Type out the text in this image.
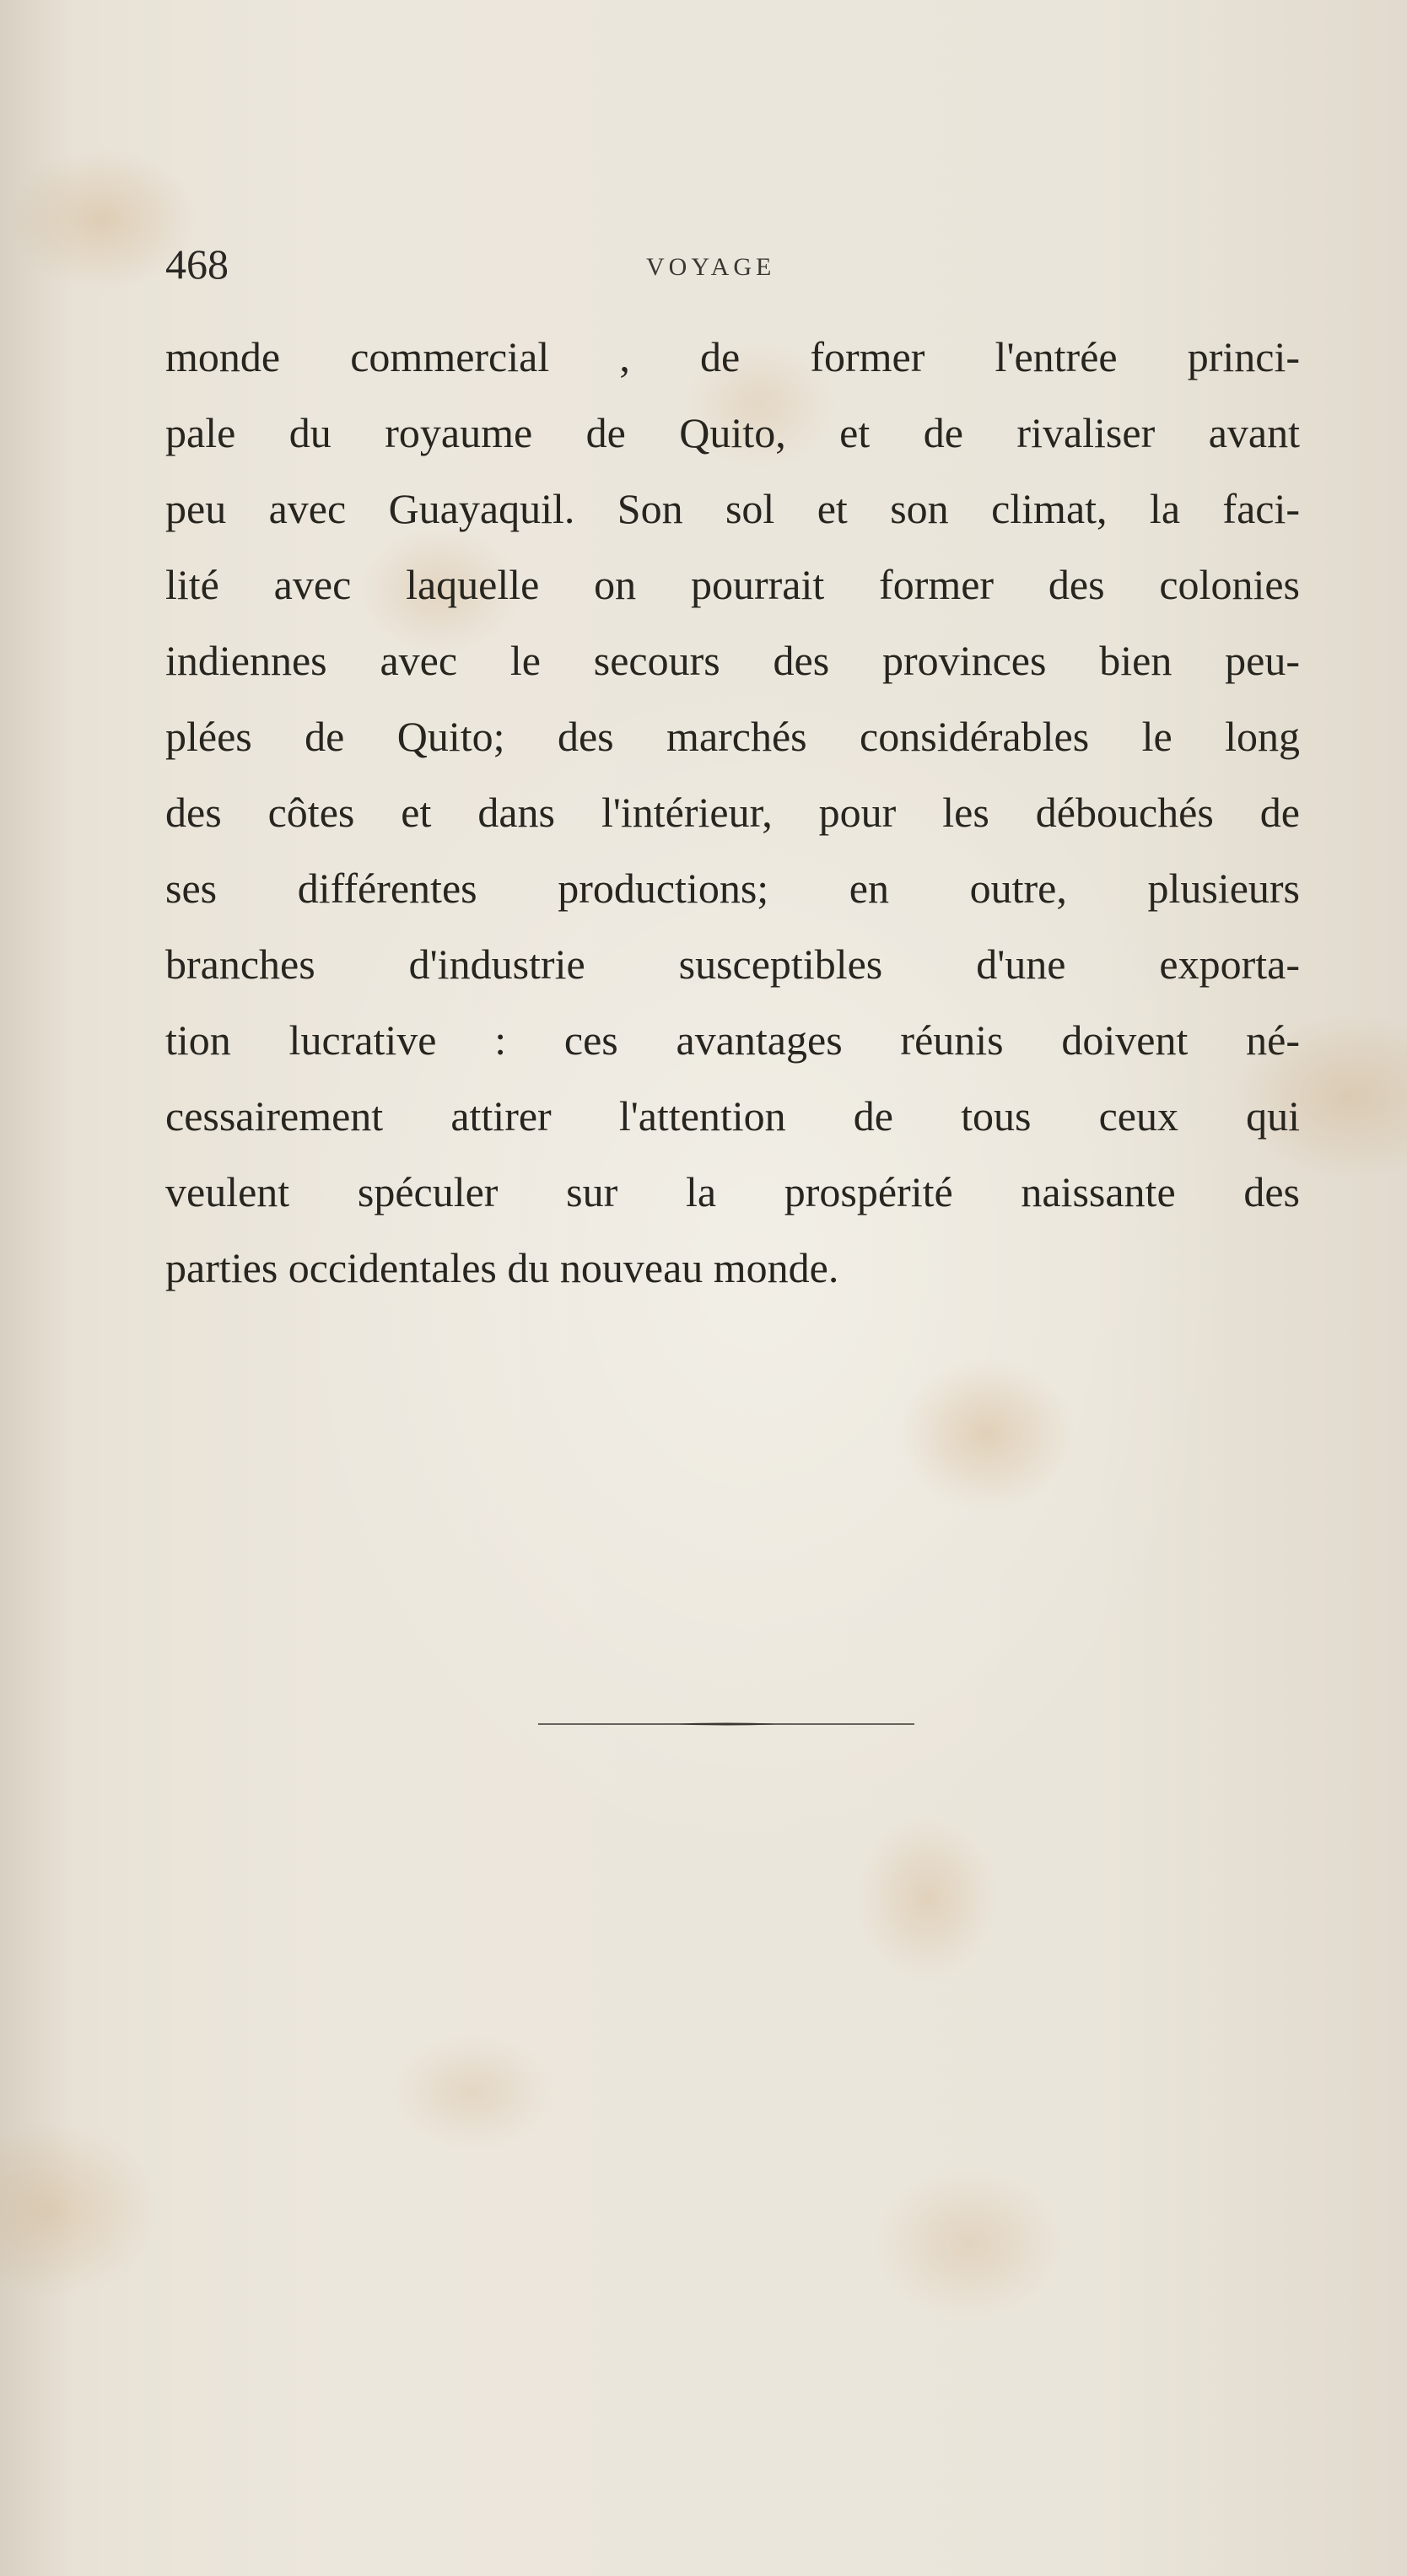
468	VOYAGE
monde commercial , de former l'entrée princi-
pale du royaume de Quito, et de rivaliser avant
peu avec Guayaquil. Son sol et son climat, la faci-
lité avec laquelle on pourrait former des colonies
indiennes avec le secours des provinces bien peu-
plées de Quito; des marchés considérables le long
des côtes et dans l'intérieur, pour les débouchés de
ses différentes productions; en outre, plusieurs
branches d'industrie susceptibles d'une exporta-
tion lucrative : ces avantages réunis doivent né-
cessairement attirer l'attention de tous ceux qui
veulent spéculer sur la prospérité naissante des
parties occidentales du nouveau monde.
